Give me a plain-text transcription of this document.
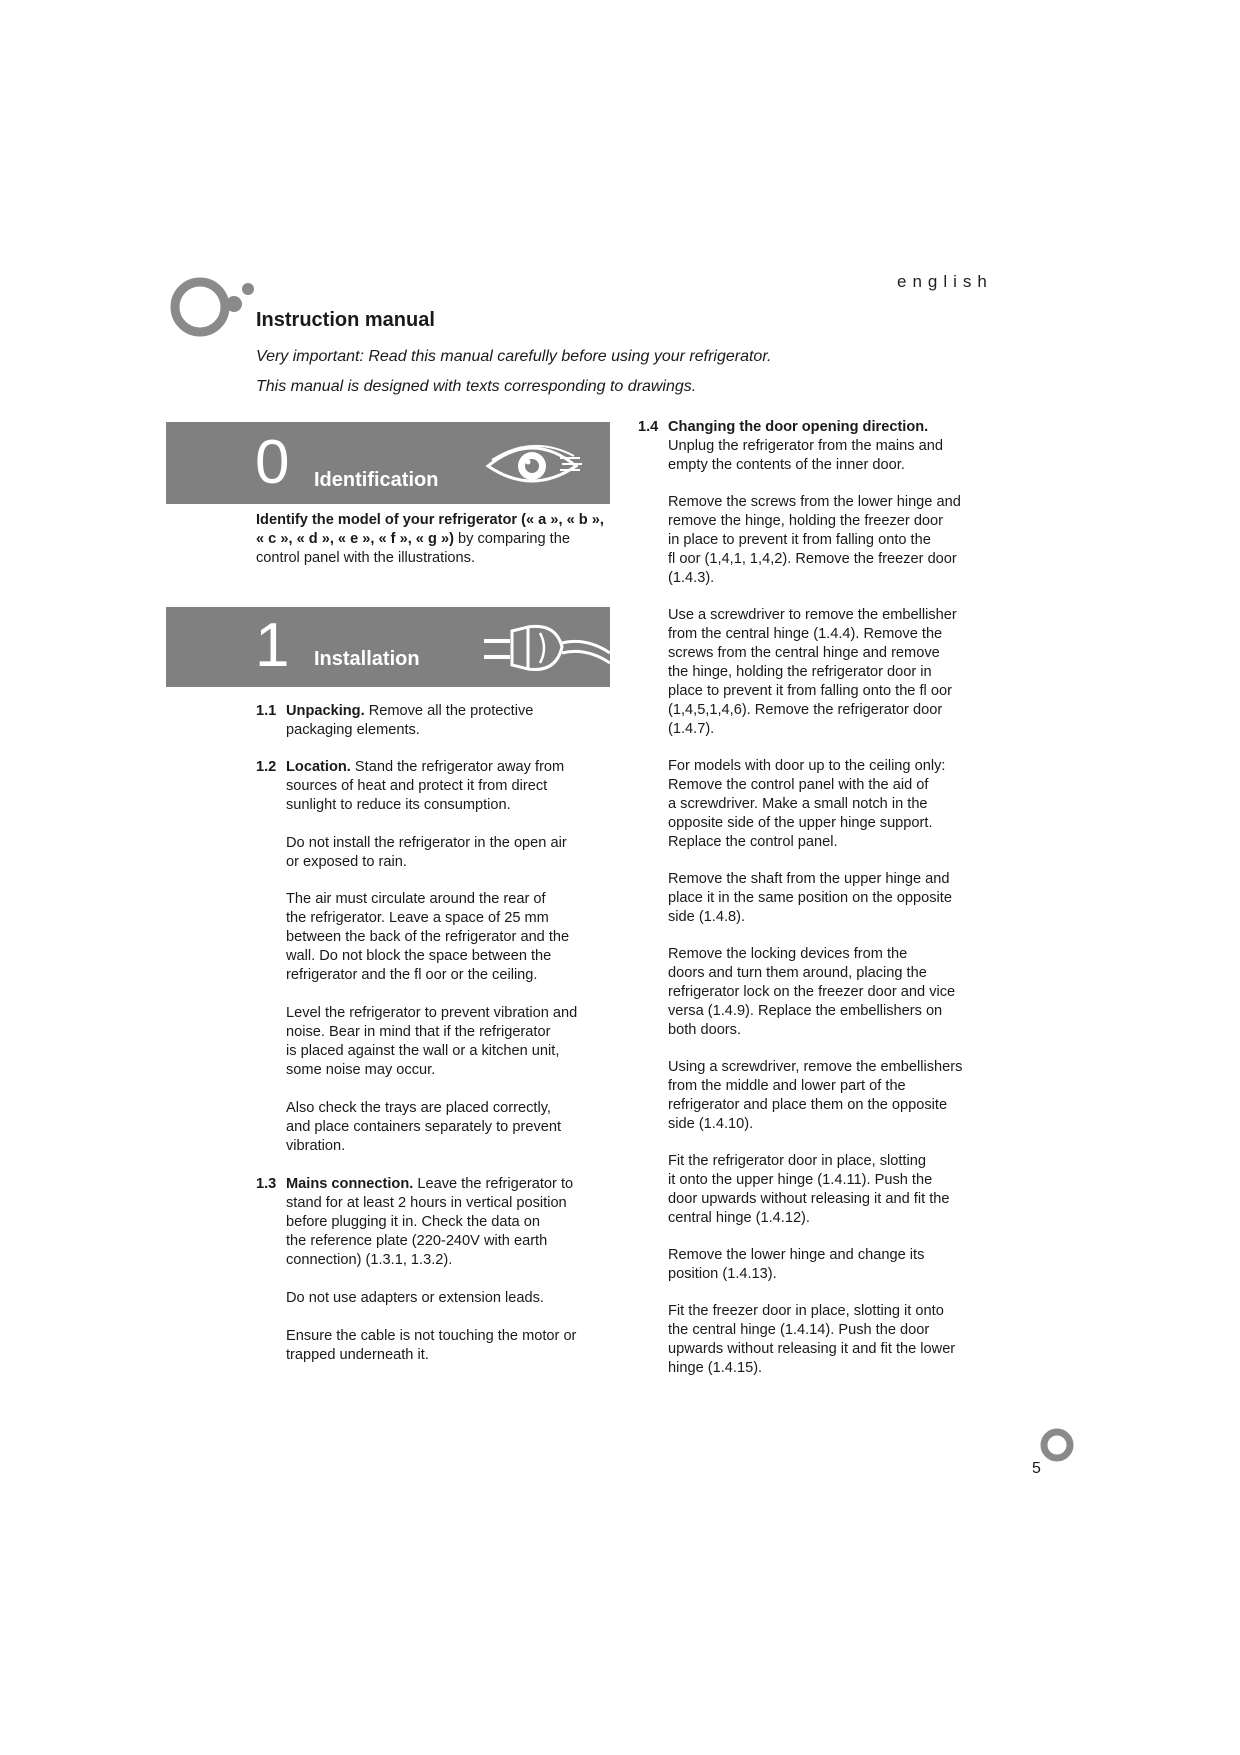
english
Instruction manual
Very important: Read this manual carefully before using your refrigerator.
This manual is designed with texts corresponding to drawings.
0 Identification
Identify the model of your refrigerator (« a », « b », « c », « d », « e », « f », « g ») by comparing the control panel with the illustrations.
1 Installation
1.1 Unpacking. Remove all the protective

packaging elements.

1.2 Location. Stand the refrigerator away from

sources of heat and protect it from direct

sunlight to reduce its consumption.

Do not install the refrigerator in the open air

or exposed to rain.

The air must circulate around the rear of

the refrigerator. Leave a space of 25 mm

between the back of the refrigerator and the

wall. Do not block the space between the

refrigerator and the fl oor or the ceiling.

Level the refrigerator to prevent vibration and

noise. Bear in mind that if the refrigerator

is placed against the wall or a kitchen unit,

some noise may occur.

Also check the trays are placed correctly,

and place containers separately to prevent

vibration.

1.3 Mains connection. Leave the refrigerator to

stand for at least 2 hours in vertical position

before plugging it in. Check the data on

the reference plate (220-240V with earth

connection) (1.3.1, 1.3.2).

Do not use adapters or extension leads.

Ensure the cable is not touching the motor or

trapped underneath it.

1.4 Changing the door opening direction.

Unplug the refrigerator from the mains and

empty the contents of the inner door.

Remove the screws from the lower hinge and

remove the hinge, holding the freezer door

in place to prevent it from falling onto the

fl oor (1,4,1, 1,4,2). Remove the freezer door

(1.4.3).

Use a screwdriver to remove the embellisher

from the central hinge (1.4.4). Remove the

screws from the central hinge and remove

the hinge, holding the refrigerator door in

place to prevent it from falling onto the fl oor

(1,4,5,1,4,6). Remove the refrigerator door

(1.4.7).

For models with door up to the ceiling only:

Remove the control panel with the aid of

a screwdriver. Make a small notch in the

opposite side of the upper hinge support.

Replace the control panel.

Remove the shaft from the upper hinge and

place it in the same position on the opposite

side (1.4.8).

Remove the locking devices from the

doors and turn them around, placing the

refrigerator lock on the freezer door and vice

versa (1.4.9). Replace the embellishers on

both doors.

Using a screwdriver, remove the embellishers

from the middle and lower part of the

refrigerator and place them on the opposite

side (1.4.10).

Fit the refrigerator door in place, slotting

it onto the upper hinge (1.4.11). Push the

door upwards without releasing it and fit the

central hinge (1.4.12).

Remove the lower hinge and change its

position (1.4.13).

Fit the freezer door in place, slotting it onto

the central hinge (1.4.14). Push the door

upwards without releasing it and fit the lower

hinge (1.4.15).

5
